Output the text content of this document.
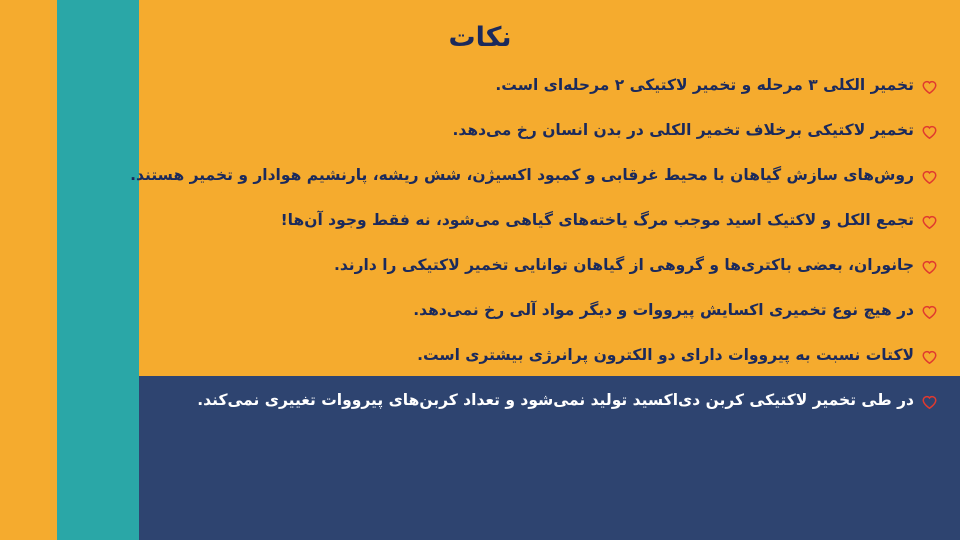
نکات
تخمیر الکلی ۳ مرحله و تخمیر لاکتیکی ۲ مرحله‌ای است.
تخمیر لاکتیکی برخلاف تخمیر الکلی در بدن انسان رخ می‌دهد.
روش‌های سازش گیاهان با محیط غرقابی و کمبود اکسیژن، شش ریشه، پارنشیم هوادار و تخمیر هستند.
تجمع الکل و لاکتیک اسید موجب مرگ یاخته‌های گیاهی می‌شود، نه فقط وجود آن‌ها!
جانوران، بعضی باکتری‌ها و گروهی از گیاهان توانایی تخمیر لاکتیکی را دارند.
در هیچ نوع تخمیری اکسایش پیرووات و دیگر مواد آلی رخ نمی‌دهد.
لاکتات نسبت به پیرووات دارای دو الکترون پرانرژی بیشتری است.
در طی تخمیر لاکتیکی کربن دی‌اکسید تولید نمی‌شود و تعداد کربن‌های پیرووات تغییری نمی‌کند.
